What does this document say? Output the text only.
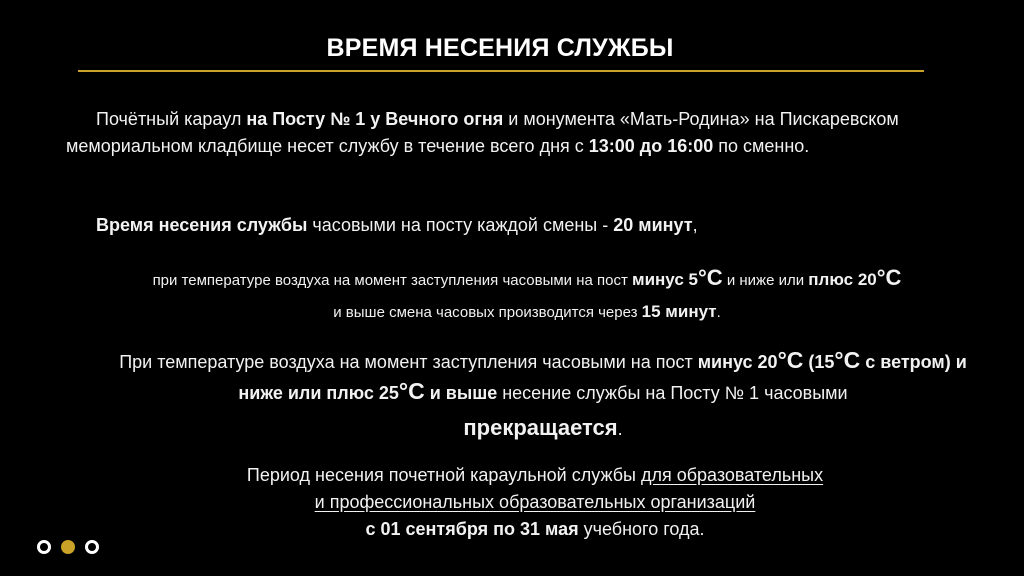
ВРЕМЯ НЕСЕНИЯ СЛУЖБЫ
Почётный караул на Посту № 1 у Вечного огня и монумента «Мать-Родина» на Пискаревском мемориальном кладбище несет службу в течение всего дня с 13:00 до 16:00 по сменно.
Время несения службы часовыми на посту каждой смены - 20 минут,
при температуре воздуха на момент заступления часовыми на пост минус 5°C и ниже или плюс 20°C
и выше смена часовых производится через 15 минут.
При температуре воздуха на момент заступления часовыми на пост минус 20°C (15°C с ветром) и ниже или плюс 25°C и выше несение службы на Посту № 1 часовыми
прекращается.
Период несения почетной караульной службы для образовательных
и профессиональных образовательных организаций
с 01 сентября по 31 мая учебного года.
